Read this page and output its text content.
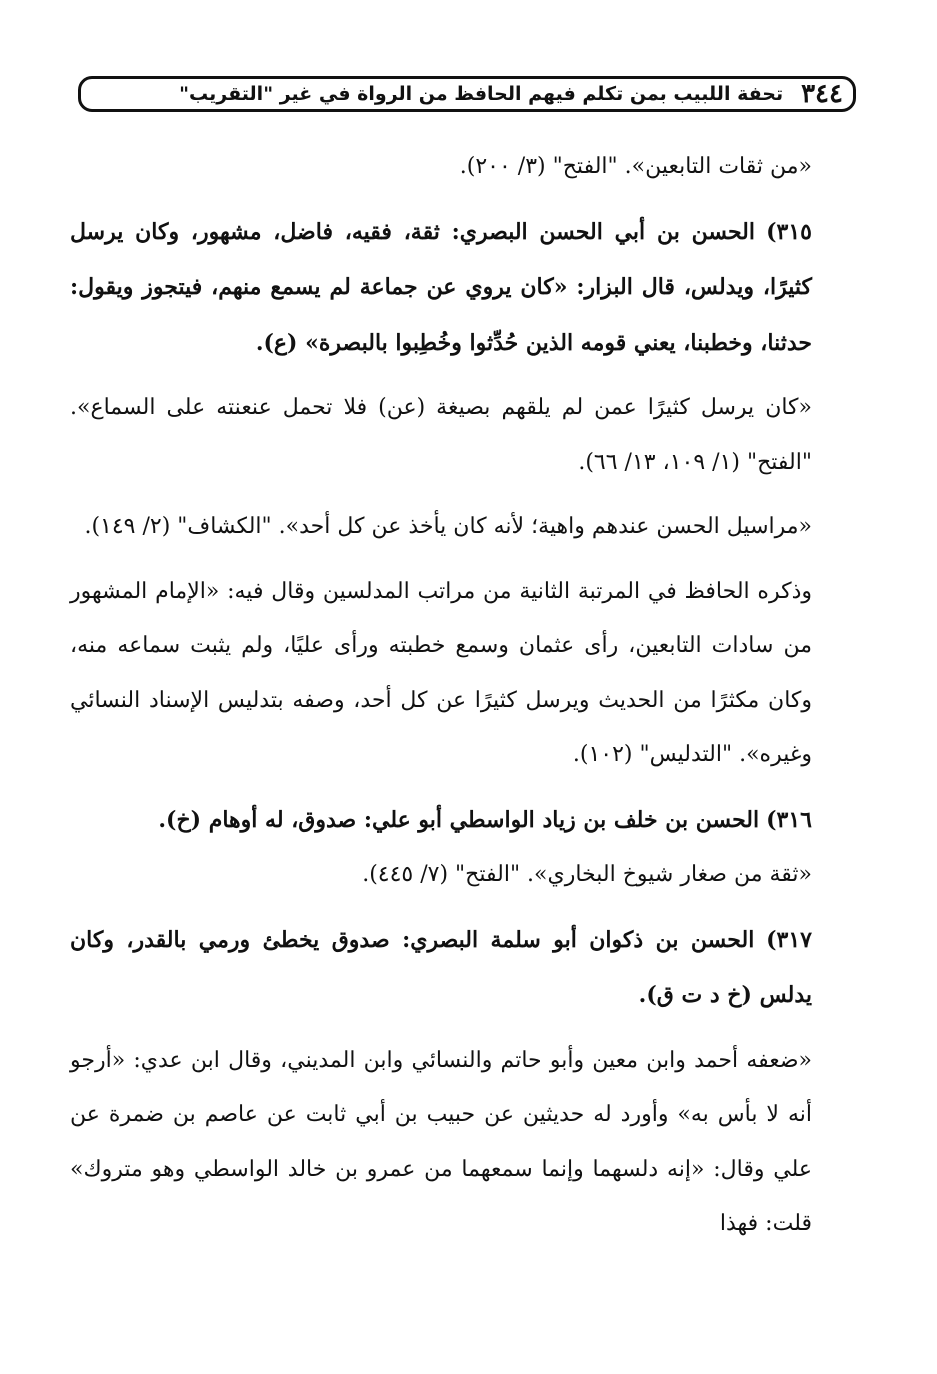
٣٤٤
تحفة اللبيب بمن تكلم فيهم الحافظ من الرواة في غير "التقريب"

«من ثقات التابعين». "الفتح" (٣/ ٢٠٠).

٣١٥) الحسن بن أبي الحسن البصري: ثقة، فقيه، فاضل، مشهور، وكان يرسل كثيرًا، ويدلس، قال البزار: «كان يروي عن جماعة لم يسمع منهم، فيتجوز ويقول: حدثنا، وخطبنا، يعني قومه الذين حُدِّثوا وخُطِبوا بالبصرة» (ع).

«كان يرسل كثيرًا عمن لم يلقهم بصيغة (عن) فلا تحمل عنعنته على السماع». "الفتح" (١/ ١٠٩، ١٣/ ٦٦).

«مراسيل الحسن عندهم واهية؛ لأنه كان يأخذ عن كل أحد». "الكشاف" (٢/ ١٤٩).

وذكره الحافظ في المرتبة الثانية من مراتب المدلسين وقال فيه: «الإمام المشهور من سادات التابعين، رأى عثمان وسمع خطبته ورأى عليًا، ولم يثبت سماعه منه، وكان مكثرًا من الحديث ويرسل كثيرًا عن كل أحد، وصفه بتدليس الإسناد النسائي وغيره». "التدليس" (١٠٢).

٣١٦) الحسن بن خلف بن زياد الواسطي أبو علي: صدوق، له أوهام (خ).

«ثقة من صغار شيوخ البخاري». "الفتح" (٧/ ٤٤٥).

٣١٧) الحسن بن ذكوان أبو سلمة البصري: صدوق يخطئ ورمي بالقدر، وكان يدلس (خ د ت ق).

«ضعفه أحمد وابن معين وأبو حاتم والنسائي وابن المديني، وقال ابن عدي: «أرجو أنه لا بأس به» وأورد له حديثين عن حبيب بن أبي ثابت عن عاصم بن ضمرة عن علي وقال: «إنه دلسهما وإنما سمعهما من عمرو بن خالد الواسطي وهو متروك» قلت: فهذا
